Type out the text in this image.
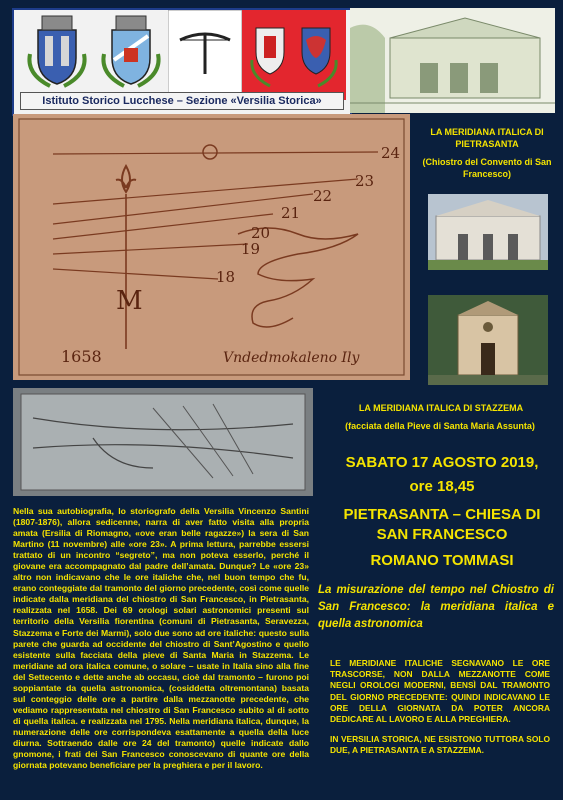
Istituto Storico Lucchese – Sezione «Versilia Storica»
24
23
22
21
20
19
18
M
1658	Vndedmokaleno Ily
LA MERIDIANA ITALICA DI PIETRASANTA
(Chiostro del Convento di San Francesco)
LA MERIDIANA ITALICA DI STAZZEMA
(facciata della Pieve di Santa Maria Assunta)
SABATO 17 AGOSTO 2019,
ore 18,45
PIETRASANTA – CHIESA DI
SAN FRANCESCO
ROMANO TOMMASI
La misurazione del tempo nel Chiostro di San Francesco: la meridiana italica e quella astronomica
Nella sua autobiografia, lo storiografo della Versilia Vincenzo Santini (1807-1876), allora sedicenne, narra di aver fatto visita alla propria amata (Ersilia di Riomagno, «ove eran belle ragazze») la sera di San Martino (11 novembre) alle «ore 23». A prima lettura, parrebbe essersi trattato di un incontro “segreto”, ma non poteva esserlo, perché il giovane era accompagnato dal padre dell’amata. Dunque? Le «ore 23» altro non indicavano che le ore italiche che, nel buon tempo che fu, erano conteggiate dal tramonto del giorno precedente, così come quelle indicate dalla meridiana del chiostro di San Francesco, in Pietrasanta, realizzata nel 1658. Dei 69 orologi solari astronomici presenti sul territorio della Versilia fiorentina (comuni di Pietrasanta, Seravezza, Stazzema e Forte dei Marmi), solo due sono ad ore italiche: questo sulla parete che guarda ad occidente del chiostro di Sant’Agostino e quello esistente sulla facciata della pieve di Santa Maria in Stazzema. Le meridiane ad ora italica comune, o solare – usate in Italia sino alla fine del Settecento e dette anche ab occasu, cioè dal tramonto – furono poi soppiantate da quella astronomica, (cosiddetta oltremontana) basata sul conteggio delle ore a partire dalla mezzanotte precedente, che vediamo rappresentata nel chiostro di San Francesco subito al di sotto di quella italica. e realizzata nel 1795. Nella meridiana italica, dunque, la numerazione delle ore corrispondeva esattamente a quella della luce diurna. Sottraendo dalle ore 24 del tramonto) quelle indicate dallo gnomone, i frati dei San Francesco conoscevano di quante ore della giornata potevano beneficiare per la preghiera e per il lavoro.
LE MERIDIANE ITALICHE SEGNAVANO LE ORE TRASCORSE, NON DALLA MEZZANOTTE COME NEGLI OROLOGI MODERNI, BENSÌ DAL TRAMONTO DEL GIORNO PRECEDENTE: QUINDI INDICAVANO LE ORE DELLA GIORNATA DA POTER ANCORA DEDICARE AL LAVORO E ALLA PREGHIERA.
IN VERSILIA STORICA, NE ESISTONO TUTTORA SOLO DUE, A PIETRASANTA E A STAZZEMA.
